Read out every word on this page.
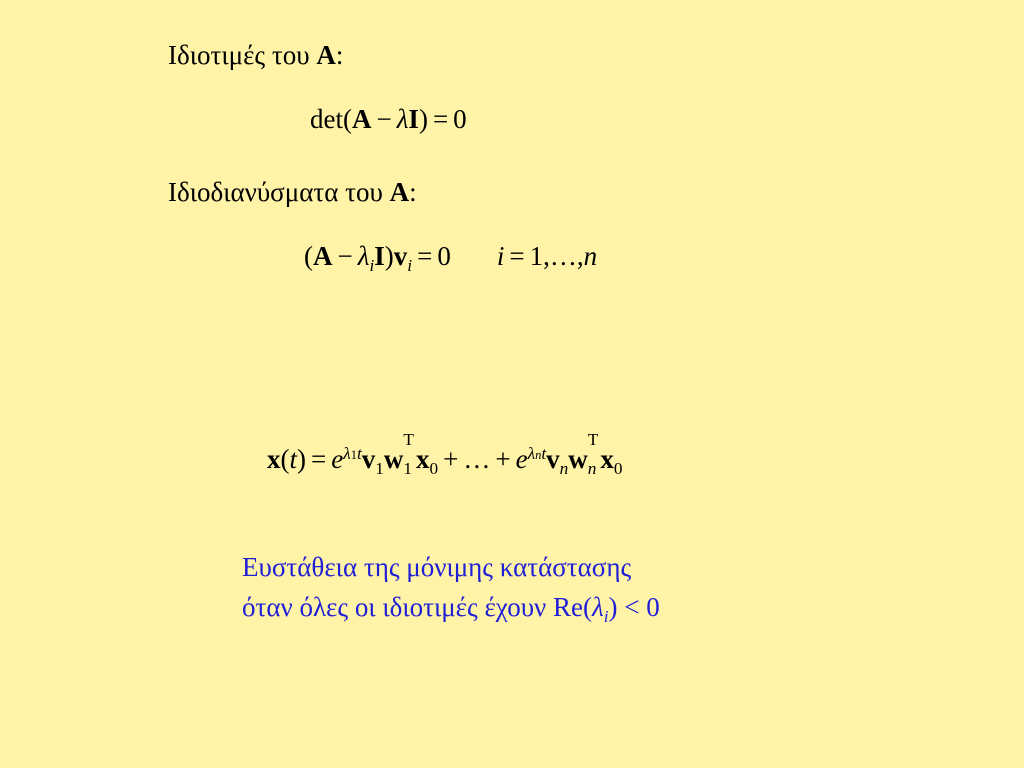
Ιδιοτιμές του A:
det(A − λI) = 0
Ιδιοδιανύσματα του A:
$(A - \lambda_iI)v_i = 0$ i = 1,…,n
$x(t) = e^{\lambda 1t}v_1w$
T
$_1$ $x_0$ + … + $e^{\lambda nt}v_nw$
T
$_n$ $x_0$
Ευστάθεια της μόνιμης κατάστασης
όταν όλες οι ιδιοτιμές έχουν $Re(\lambda_i) < 0$
